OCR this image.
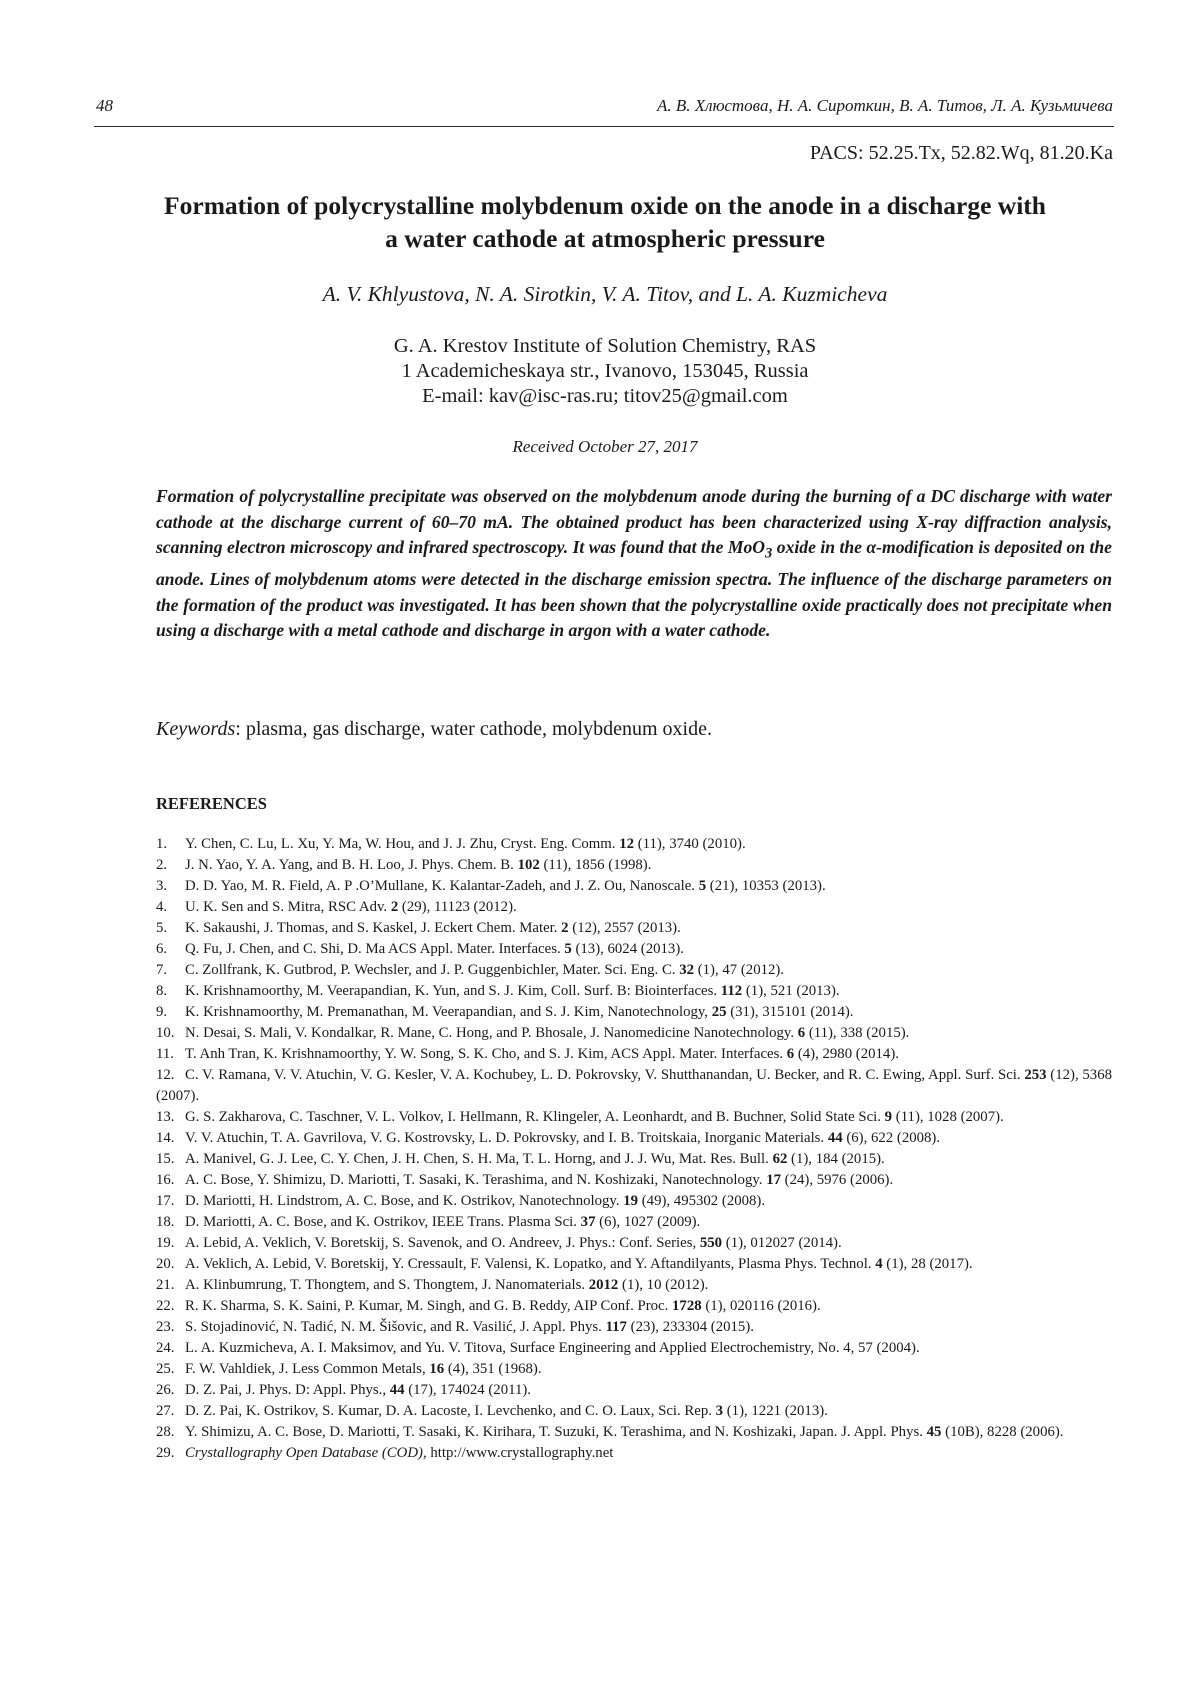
48	А. В. Хлюстова, Н. А. Сироткин, В. А. Титов, Л. А. Кузьмичева
PACS: 52.25.Tx, 52.82.Wq, 81.20.Ka
Formation of polycrystalline molybdenum oxide on the anode in a discharge with
a water cathode at atmospheric pressure
A. V. Khlyustova, N. A. Sirotkin, V. A. Titov, and L. A. Kuzmicheva
G. A. Krestov Institute of Solution Chemistry, RAS
1 Academicheskaya str., Ivanovo, 153045, Russia
E-mail: kav@isc-ras.ru; titov25@gmail.com
Received October 27, 2017
Formation of polycrystalline precipitate was observed on the molybdenum anode during the burning of a DC discharge with water cathode at the discharge current of 60–70 mA. The obtained product has been characterized using X-ray diffraction analysis, scanning electron microscopy and infrared spectroscopy. It was found that the MoO$_3$ oxide in the α-modification is deposited on the anode. Lines of molybdenum atoms were detected in the discharge emission spectra. The influence of the discharge parameters on the formation of the product was investigated. It has been shown that the polycrystalline oxide practically does not precipitate when using a discharge with a metal cathode and discharge in argon with a water cathode.
Keywords: plasma, gas discharge, water cathode, molybdenum oxide.
REFERENCES
1. Y. Chen, C. Lu, L. Xu, Y. Ma, W. Hou, and J. J. Zhu, Cryst. Eng. Comm. 12 (11), 3740 (2010).
2. J. N. Yao, Y. A. Yang, and B. H. Loo, J. Phys. Chem. B. 102 (11), 1856 (1998).
3. D. D. Yao, M. R. Field, A. P .O’Mullane, K. Kalantar-Zadeh, and J. Z. Ou, Nanoscale. 5 (21), 10353 (2013).
4. U. K. Sen and S. Mitra, RSC Adv. 2 (29), 11123 (2012).
5. K. Sakaushi, J. Thomas, and S. Kaskel, J. Eckert Chem. Mater. 2 (12), 2557 (2013).
6. Q. Fu, J. Chen, and C. Shi, D. Ma ACS Appl. Mater. Interfaces. 5 (13), 6024 (2013).
7. C. Zollfrank, K. Gutbrod, P. Wechsler, and J. P. Guggenbichler, Mater. Sci. Eng. C. 32 (1), 47 (2012).
8. K. Krishnamoorthy, M. Veerapandian, K. Yun, and S. J. Kim, Coll. Surf. B: Biointerfaces. 112 (1), 521 (2013).
9. K. Krishnamoorthy, M. Premanathan, M. Veerapandian, and S. J. Kim, Nanotechnology, 25 (31), 315101 (2014).
10. N. Desai, S. Mali, V. Kondalkar, R. Mane, C. Hong, and P. Bhosale, J. Nanomedicine Nanotechnology. 6 (11), 338 (2015).
11. T. Anh Tran, K. Krishnamoorthy, Y. W. Song, S. K. Cho, and S. J. Kim, ACS Appl. Mater. Interfaces. 6 (4), 2980 (2014).
12. C. V. Ramana, V. V. Atuchin, V. G. Kesler, V. A. Kochubey, L. D. Pokrovsky, V. Shutthanandan, U. Becker, and R. C. Ewing, Appl. Surf. Sci. 253 (12), 5368 (2007).
13. G. S. Zakharova, C. Taschner, V. L. Volkov, I. Hellmann, R. Klingeler, A. Leonhardt, and B. Buchner, Solid State Sci. 9 (11), 1028 (2007).
14. V. V. Atuchin, T. A. Gavrilova, V. G. Kostrovsky, L. D. Pokrovsky, and I. B. Troitskaia, Inorganic Materials. 44 (6), 622 (2008).
15. A. Manivel, G. J. Lee, C. Y. Chen, J. H. Chen, S. H. Ma, T. L. Horng, and J. J. Wu, Mat. Res. Bull. 62 (1), 184 (2015).
16. A. C. Bose, Y. Shimizu, D. Mariotti, T. Sasaki, K. Terashima, and N. Koshizaki, Nanotechnology. 17 (24), 5976 (2006).
17. D. Mariotti, H. Lindstrom, A. C. Bose, and K. Ostrikov, Nanotechnology. 19 (49), 495302 (2008).
18. D. Mariotti, A. C. Bose, and K. Ostrikov, IEEE Trans. Plasma Sci. 37 (6), 1027 (2009).
19. A. Lebid, A. Veklich, V. Boretskij, S. Savenok, and O. Andreev, J. Phys.: Conf. Series, 550 (1), 012027 (2014).
20. A. Veklich, A. Lebid, V. Boretskij, Y. Cressault, F. Valensi, K. Lopatko, and Y. Aftandilyants, Plasma Phys. Technol. 4 (1), 28 (2017).
21. A. Klinbumrung, T. Thongtem, and S. Thongtem, J. Nanomaterials. 2012 (1), 10 (2012).
22. R. K. Sharma, S. K. Saini, P. Kumar, M. Singh, and G. B. Reddy, AIP Conf. Proc. 1728 (1), 020116 (2016).
23. S. Stojadinović, N. Tadić, N. M. Šišovic, and R. Vasilić, J. Appl. Phys. 117 (23), 233304 (2015).
24. L. A. Kuzmicheva, A. I. Maksimov, and Yu. V. Titova, Surface Engineering and Applied Electrochemistry, No. 4, 57 (2004).
25. F. W. Vahldiek, J. Less Common Metals, 16 (4), 351 (1968).
26. D. Z. Pai, J. Phys. D: Appl. Phys., 44 (17), 174024 (2011).
27. D. Z. Pai, K. Ostrikov, S. Kumar, D. A. Lacoste, I. Levchenko, and C. O. Laux, Sci. Rep. 3 (1), 1221 (2013).
28. Y. Shimizu, A. C. Bose, D. Mariotti, T. Sasaki, K. Kirihara, T. Suzuki, K. Terashima, and N. Koshizaki, Japan. J. Appl. Phys. 45 (10B), 8228 (2006).
29. Crystallography Open Database (COD), http://www.crystallography.net
